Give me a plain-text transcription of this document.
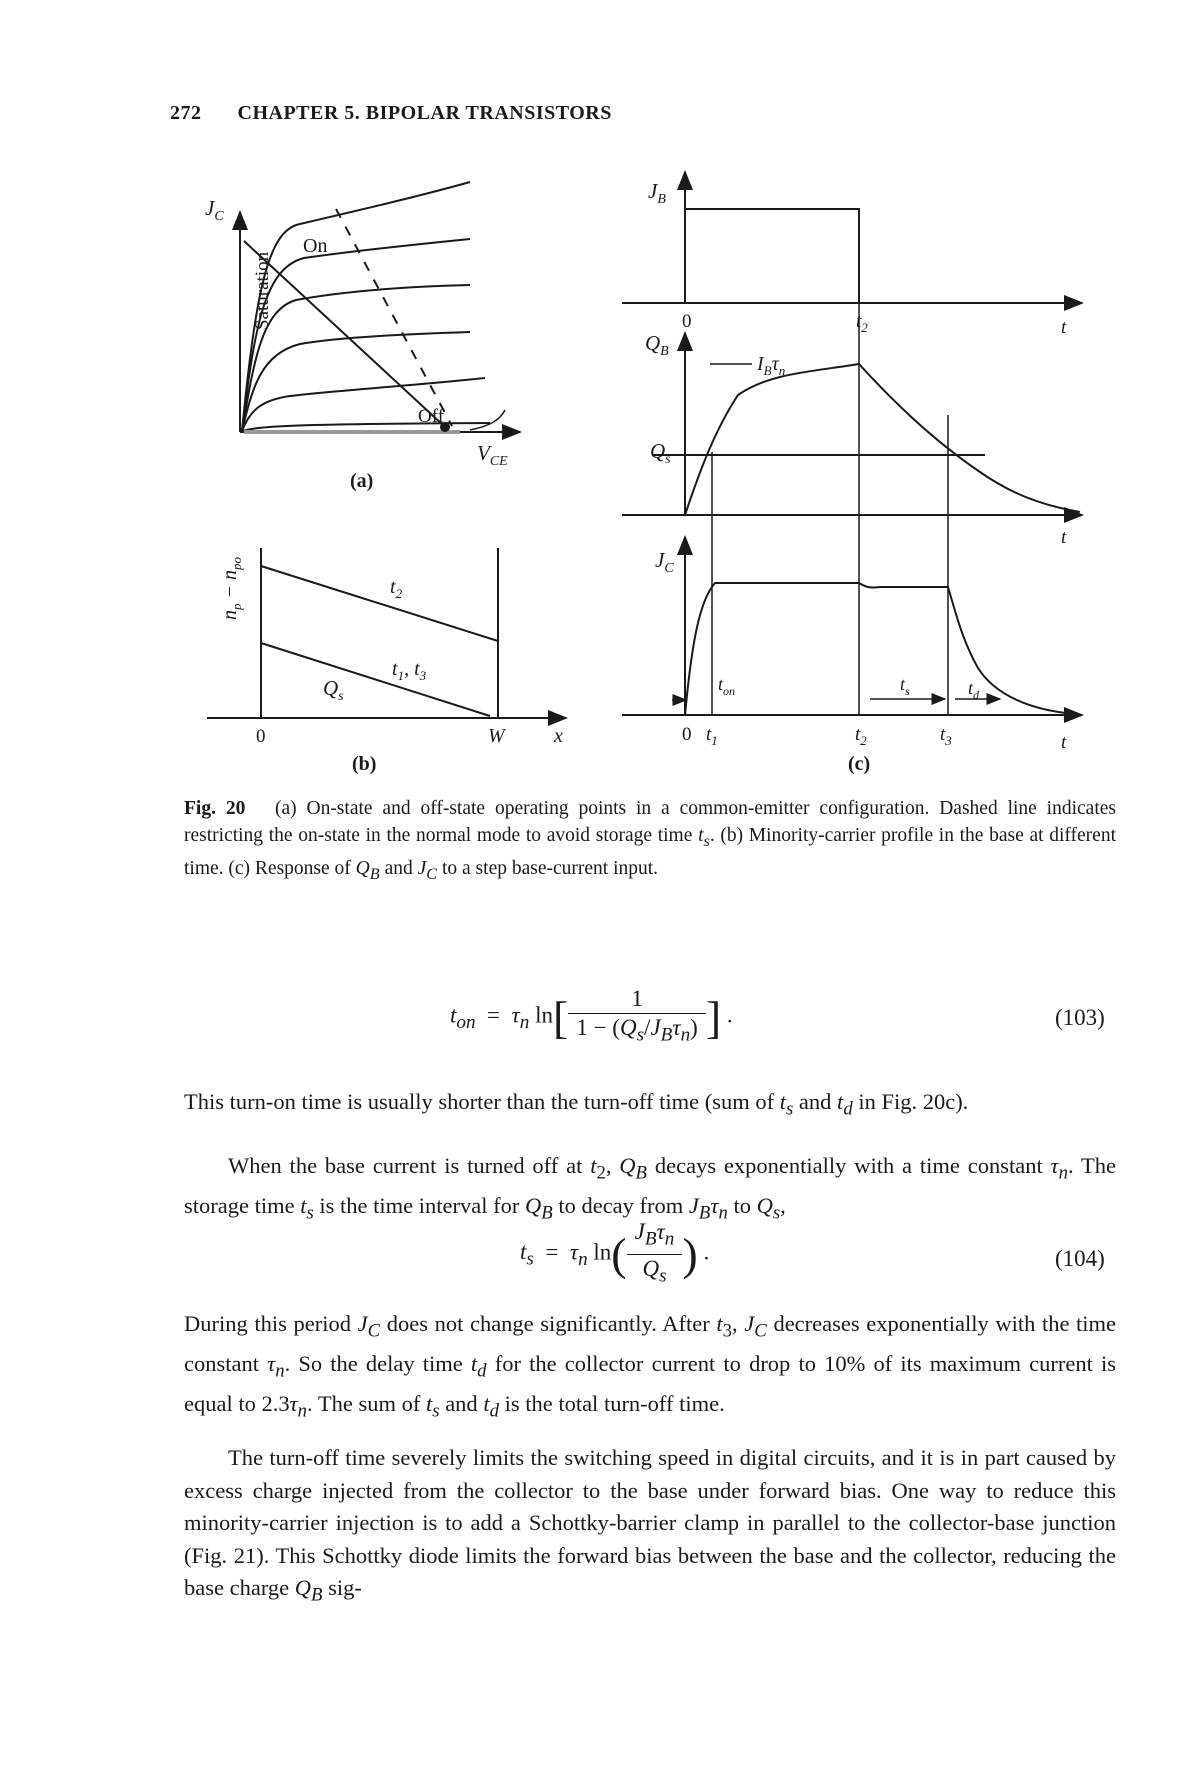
272 CHAPTER 5. BIPOLAR TRANSISTORS
$J_C$
Saturation
On
Off
$V_{CE}$
(a)
$n_p - n_{po}$
$t_2$
$t_1$, $t_3$
$Q_s$
0	W x
(b)
$J_B$
0	$t_2$	t
$Q_B$
$I_B\tau_n$
$Q_s$
t
$J_C$
$t_{on}$	$t_s$	$t_d$
0 $t_1$	$t_2$	$t_3$	t
(c)
Fig. 20 (a) On-state and off-state operating points in a common-emitter configuration. Dashed line indicates restricting the on-state in the normal mode to avoid storage time $t_s$. (b) Minority-carrier profile in the base at different time. (c) Response of $Q_B$ and $J_C$ to a step base-current input.
$t_{on} = \tau_n$ $\ln[ \frac{1}{1 - (Q_s/J_B\tau_n)}$ ] .	(103)
This turn-on time is usually shorter than the turn-off time (sum of $t_s$ and $t_d$ in Fig. 20c).
When the base current is turned off at $t_2$, $Q_B$ decays exponentially with a time constant $\tau_n$. The storage time $t_s$ is the time interval for $Q_B$ to decay from $J_B\tau_n$ to $Q_s$,
$t_s = \tau_n$ $\ln( \frac{J_B\tau_n}{Q_s}$ ) .	(104)
During this period $J_C$ does not change significantly. After $t_3$, $J_C$ decreases exponentially with the time constant $\tau_n$. So the delay time $t_d$ for the collector current to drop to 10% of its maximum current is equal to $2.3\tau_n$. The sum of $t_s$ and $t_d$ is the total turn-off time.
The turn-off time severely limits the switching speed in digital circuits, and it is in part caused by excess charge injected from the collector to the base under forward bias. One way to reduce this minority-carrier injection is to add a Schottky-barrier clamp in parallel to the collector-base junction (Fig. 21). This Schottky diode limits the forward bias between the base and the collector, reducing the base charge $Q_B$ sig-
